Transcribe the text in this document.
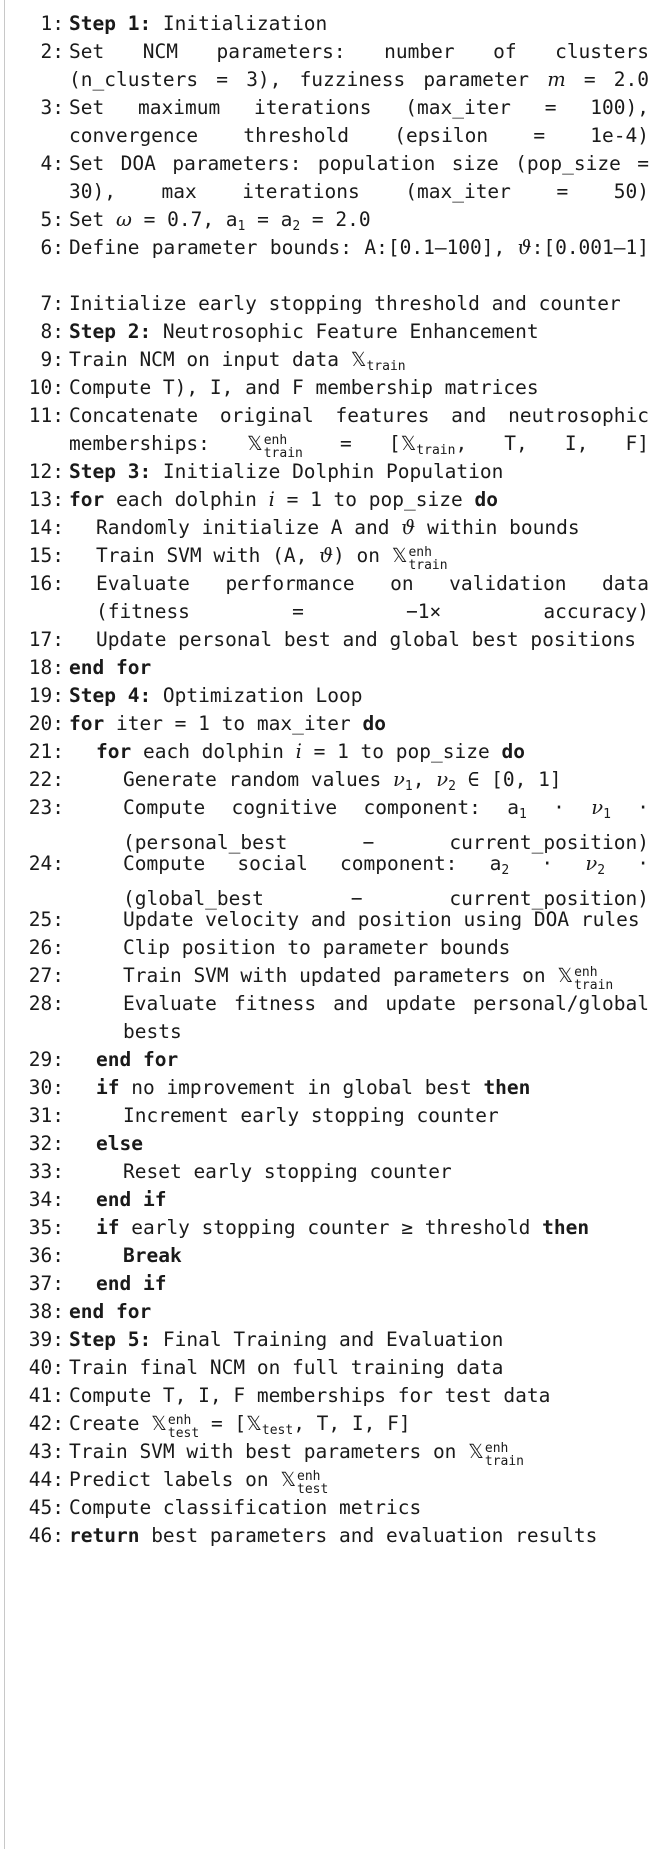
1: Step 1: Initialization
2: Set NCM parameters: number of clusters (n_clusters = 3), fuzziness parameter m = 2.0
3: Set maximum iterations (max_iter = 100), convergence threshold (epsilon = 1e-4)
4: Set DOA parameters: population size (pop_size = 30), max iterations (max_iter = 50)
5: Set ω = 0.7, $a_1 = a_2 = 2.0$
6: Define parameter bounds: A:[0.1–100], ϑ:[0.001–1]
7: Initialize early stopping threshold and counter
8: Step 2: Neutrosophic Feature Enhancement
9: Train NCM on input data 𝕏$_{train}$
10: Compute T), I, and F membership matrices
11: Concatenate original features and neutrosophic memberships: 𝕏 enh
train = [𝕏$_{train}$, T, I, F]
12: Step 3: Initialize Dolphin Population
13: for each dolphin i = 1 to pop_size do
14: Randomly initialize A and ϑ within bounds
15: Train SVM with (A, ϑ) on 𝕏 enh
train
16: Evaluate performance on validation data (fitness = −1× accuracy)
17: Update personal best and global best positions
18: end for
19: Step 4: Optimization Loop
20: for iter = 1 to max_iter do
21: for each dolphin i = 1 to pop_size do
22:	Generate random values $\nu_1$, $\nu_2$ ∈ [0, 1]
23:	Compute cognitive component: $a_1 \cdot \nu_1$ · (personal_best − current_position)
24:	Compute social component: $a_2 \cdot \nu_2$ · (global_best − current_position)
25:	Update velocity and position using DOA rules
26:	Clip position to parameter bounds
27:	Train SVM with updated parameters on 𝕏 enh
train
28:	Evaluate fitness and update personal/global bests
29: end for
30: if no improvement in global best then
31:	Increment early stopping counter
32: else
33:	Reset early stopping counter
34: end if
35: if early stopping counter ≥ threshold then
36:	Break
37: end if
38: end for
39: Step 5: Final Training and Evaluation
40: Train final NCM on full training data
41: Compute T, I, F memberships for test data
42: Create 𝕏 enh
test = [𝕏$_{test}$, T, I, F]
43: Train SVM with best parameters on 𝕏 enh
train
44: Predict labels on 𝕏 enh
test
45: Compute classification metrics
46: return best parameters and evaluation results
